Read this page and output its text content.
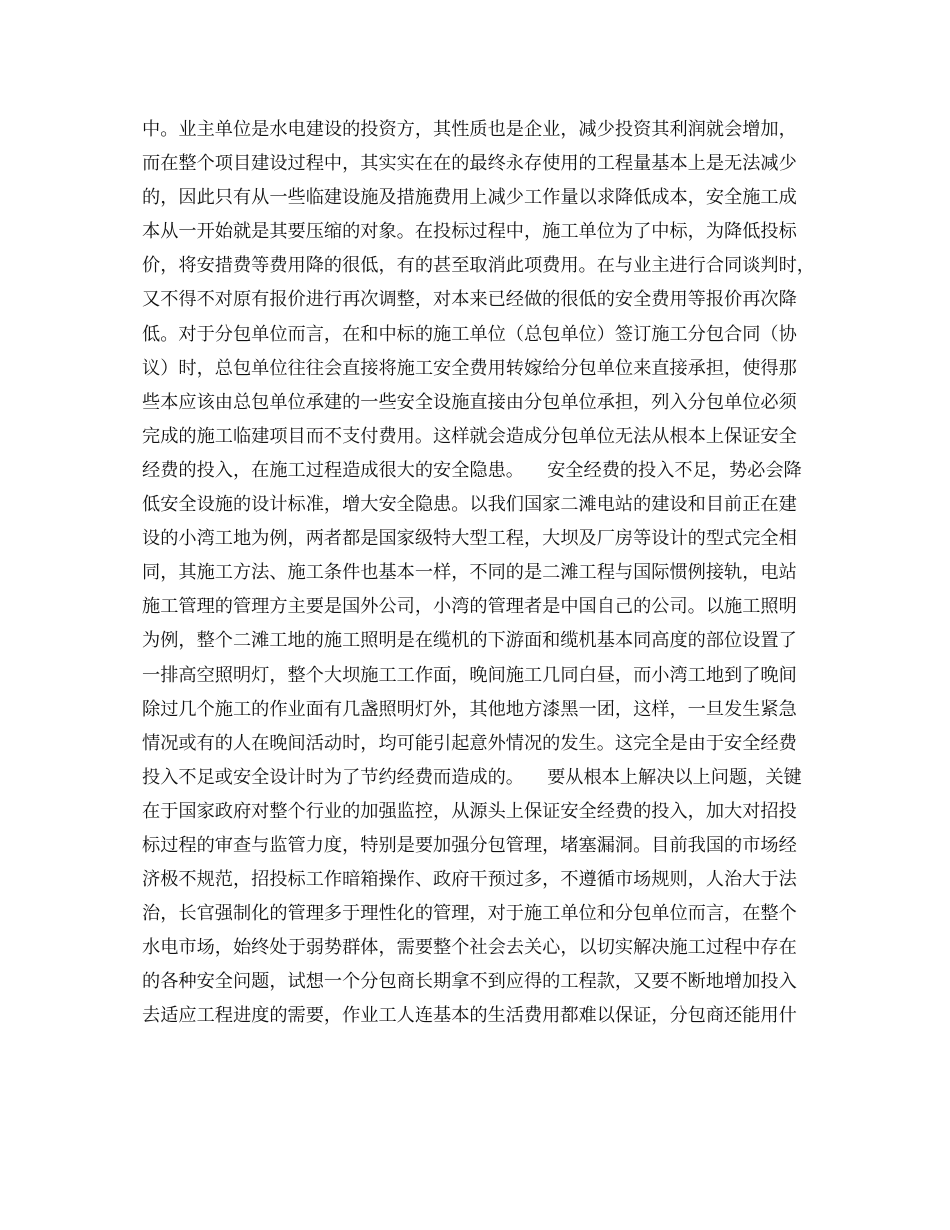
中。业主单位是水电建设的投资方，其性质也是企业，减少投资其利润就会增加，
而在整个项目建设过程中，其实实在在的最终永存使用的工程量基本上是无法减少
的，因此只有从一些临建设施及措施费用上减少工作量以求降低成本，安全施工成
本从一开始就是其要压缩的对象。在投标过程中，施工单位为了中标，为降低投标
价，将安措费等费用降的很低，有的甚至取消此项费用。在与业主进行合同谈判时，
又不得不对原有报价进行再次调整，对本来已经做的很低的安全费用等报价再次降
低。对于分包单位而言，在和中标的施工单位（总包单位）签订施工分包合同（协
议）时，总包单位往往会直接将施工安全费用转嫁给分包单位来直接承担，使得那
些本应该由总包单位承建的一些安全设施直接由分包单位承担，列入分包单位必须
完成的施工临建项目而不支付费用。这样就会造成分包单位无法从根本上保证安全
经费的投入，在施工过程造成很大的安全隐患。    安全经费的投入不足，势必会降
低安全设施的设计标准，增大安全隐患。以我们国家二滩电站的建设和目前正在建
设的小湾工地为例，两者都是国家级特大型工程，大坝及厂房等设计的型式完全相
同，其施工方法、施工条件也基本一样，不同的是二滩工程与国际惯例接轨，电站
施工管理的管理方主要是国外公司，小湾的管理者是中国自己的公司。以施工照明
为例，整个二滩工地的施工照明是在缆机的下游面和缆机基本同高度的部位设置了
一排高空照明灯，整个大坝施工工作面，晚间施工几同白昼，而小湾工地到了晚间
除过几个施工的作业面有几盏照明灯外，其他地方漆黑一团，这样，一旦发生紧急
情况或有的人在晚间活动时，均可能引起意外情况的发生。这完全是由于安全经费
投入不足或安全设计时为了节约经费而造成的。    要从根本上解决以上问题，关键
在于国家政府对整个行业的加强监控，从源头上保证安全经费的投入，加大对招投
标过程的审查与监管力度，特别是要加强分包管理，堵塞漏洞。目前我国的市场经
济极不规范，招投标工作暗箱操作、政府干预过多，不遵循市场规则，人治大于法
治，长官强制化的管理多于理性化的管理，对于施工单位和分包单位而言，在整个
水电市场，始终处于弱势群体，需要整个社会去关心，以切实解决施工过程中存在
的各种安全问题，试想一个分包商长期拿不到应得的工程款，又要不断地增加投入
去适应工程进度的需要，作业工人连基本的生活费用都难以保证，分包商还能用什
